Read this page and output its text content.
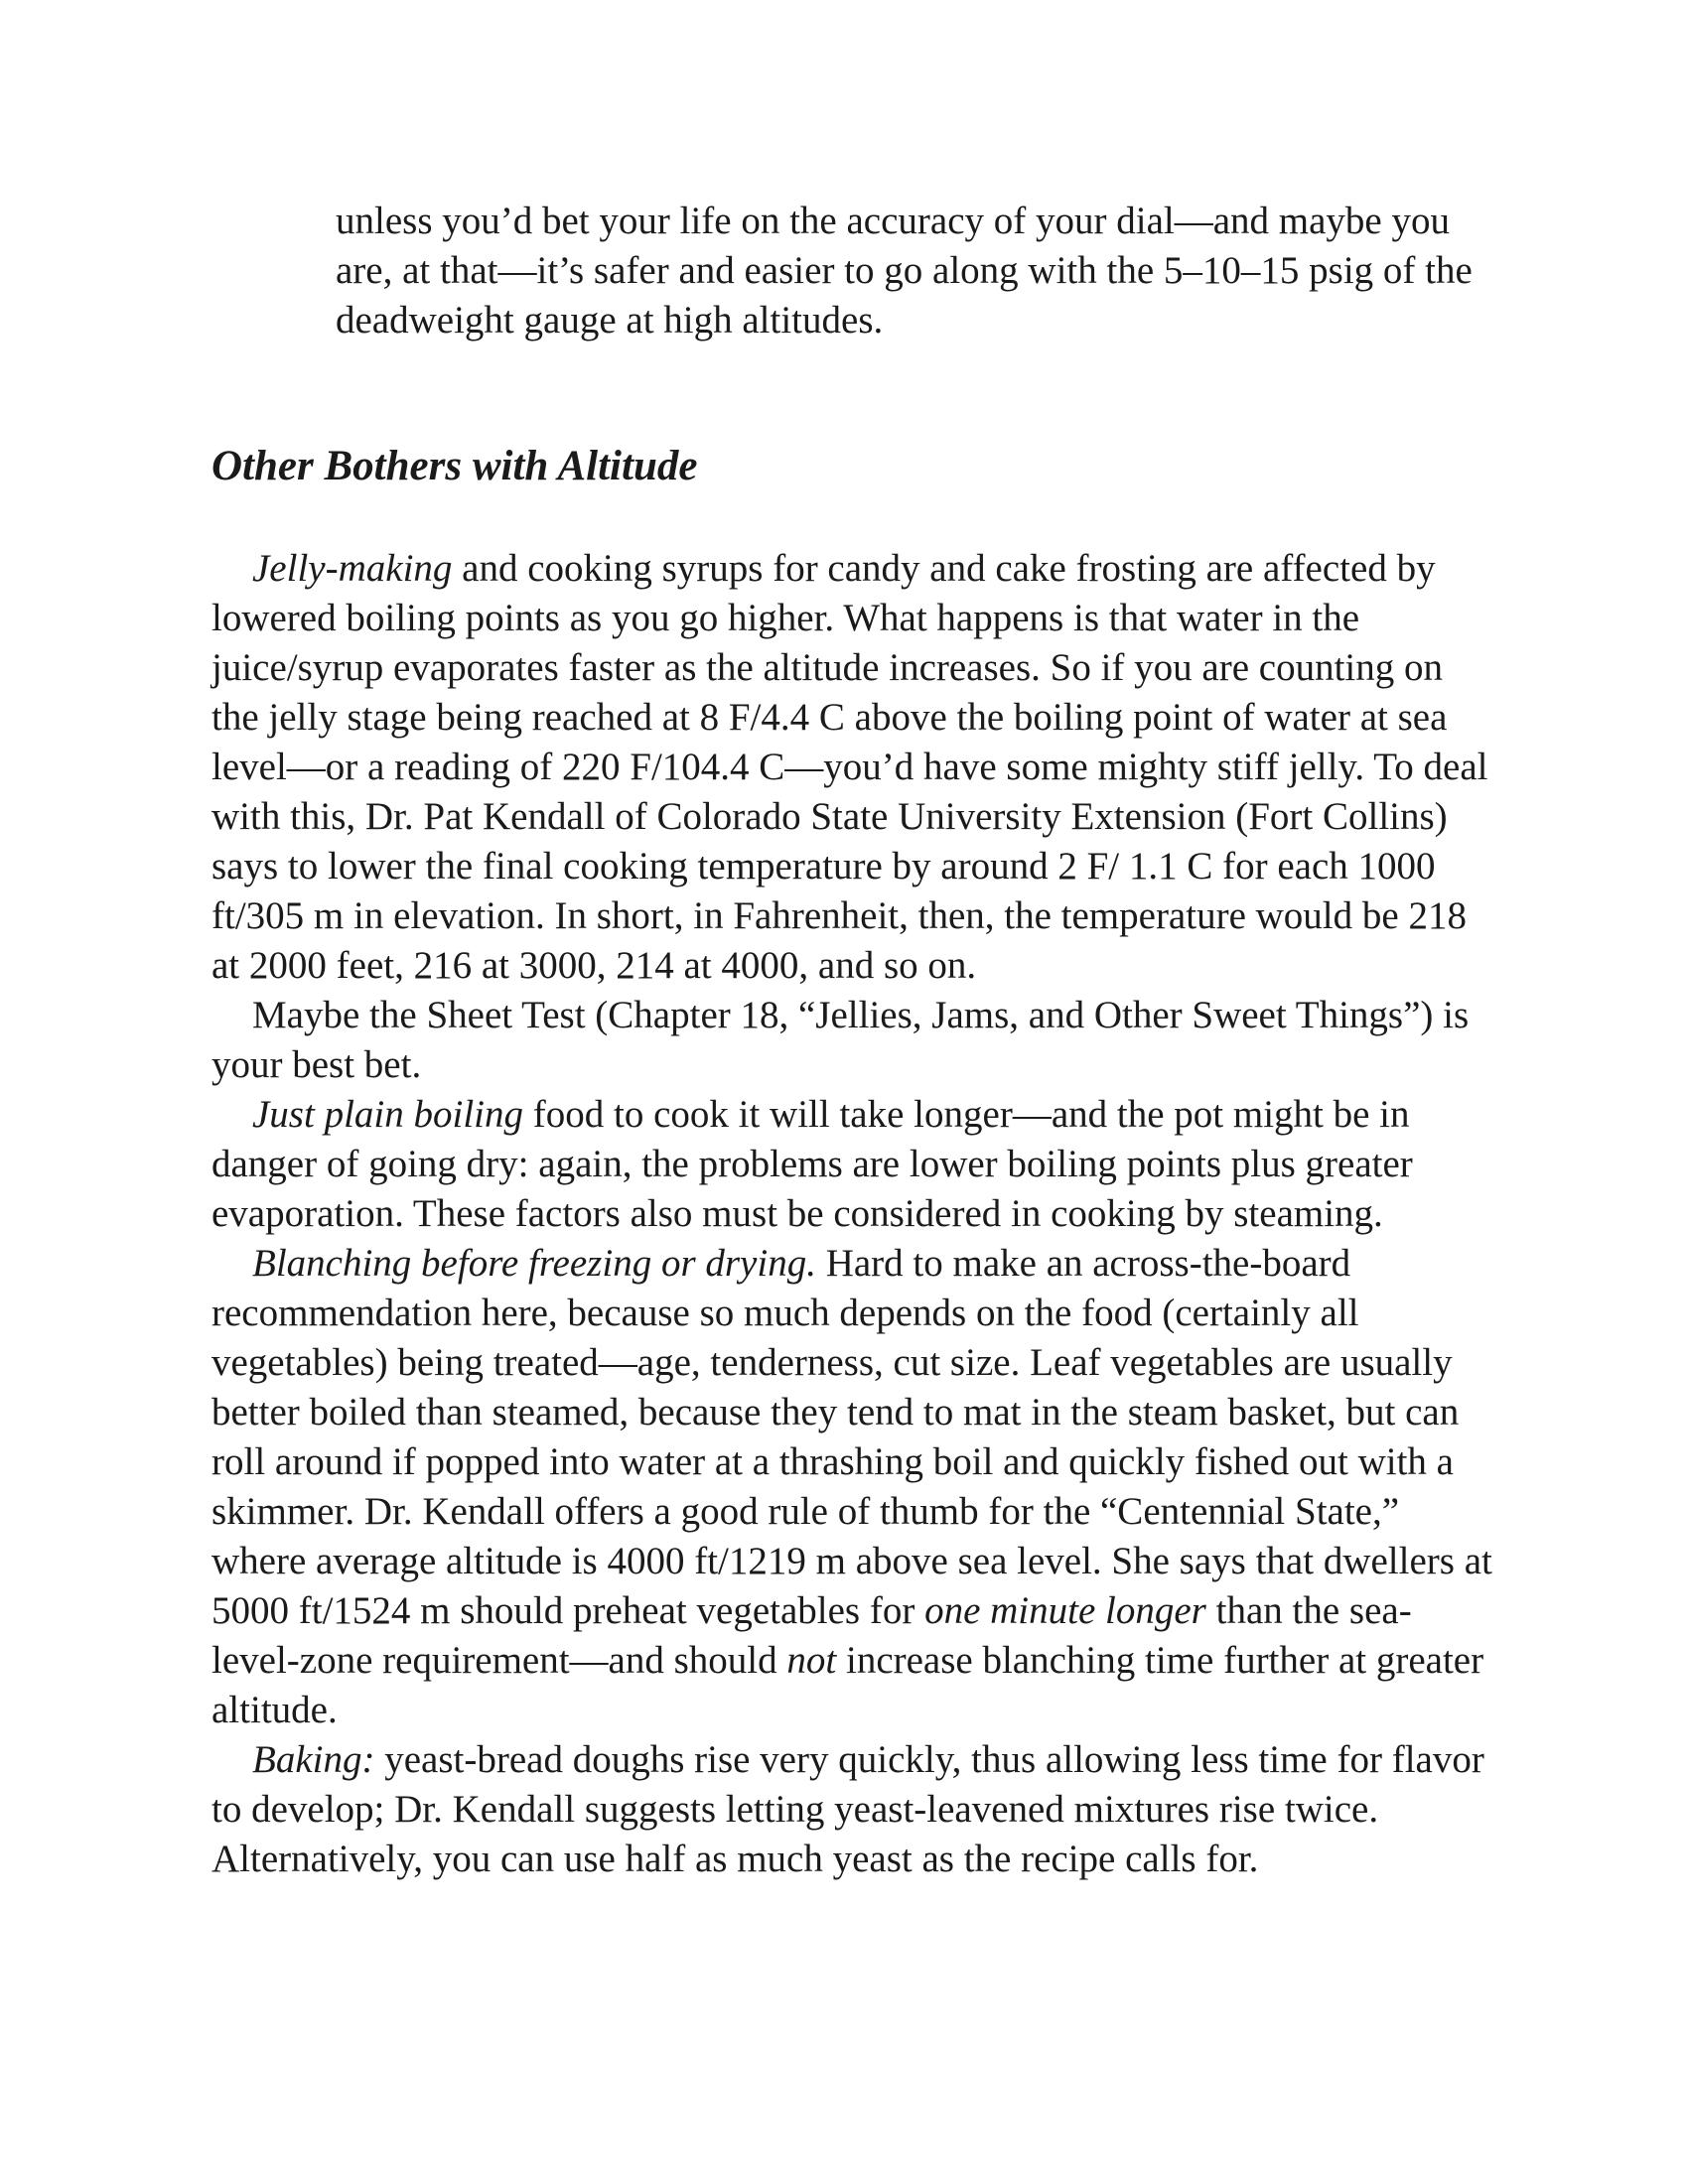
unless you’d bet your life on the accuracy of your dial—and maybe you are, at that—it’s safer and easier to go along with the 5–10–15 psig of the deadweight gauge at high altitudes.

Other Bothers with Altitude

Jelly-making and cooking syrups for candy and cake frosting are affected by lowered boiling points as you go higher. What happens is that water in the juice/syrup evaporates faster as the altitude increases. So if you are counting on the jelly stage being reached at 8 F/4.4 C above the boiling point of water at sea level—or a reading of 220 F/104.4 C—you’d have some mighty stiff jelly. To deal with this, Dr. Pat Kendall of Colorado State University Extension (Fort Collins) says to lower the final cooking temperature by around 2 F/ 1.1 C for each 1000 ft/305 m in elevation. In short, in Fahrenheit, then, the temperature would be 218 at 2000 feet, 216 at 3000, 214 at 4000, and so on.

Maybe the Sheet Test (Chapter 18, “Jellies, Jams, and Other Sweet Things”) is your best bet.

Just plain boiling food to cook it will take longer—and the pot might be in danger of going dry: again, the problems are lower boiling points plus greater evaporation. These factors also must be considered in cooking by steaming.

Blanching before freezing or drying. Hard to make an across-the-board recommendation here, because so much depends on the food (certainly all vegetables) being treated—age, tenderness, cut size. Leaf vegetables are usually better boiled than steamed, because they tend to mat in the steam basket, but can roll around if popped into water at a thrashing boil and quickly fished out with a skimmer. Dr. Kendall offers a good rule of thumb for the “Centennial State,” where average altitude is 4000 ft/1219 m above sea level. She says that dwellers at 5000 ft/1524 m should preheat vegetables for one minute longer than the sea-level-zone requirement—and should not increase blanching time further at greater altitude.

Baking: yeast-bread doughs rise very quickly, thus allowing less time for flavor to develop; Dr. Kendall suggests letting yeast-leavened mixtures rise twice. Alternatively, you can use half as much yeast as the recipe calls for.
